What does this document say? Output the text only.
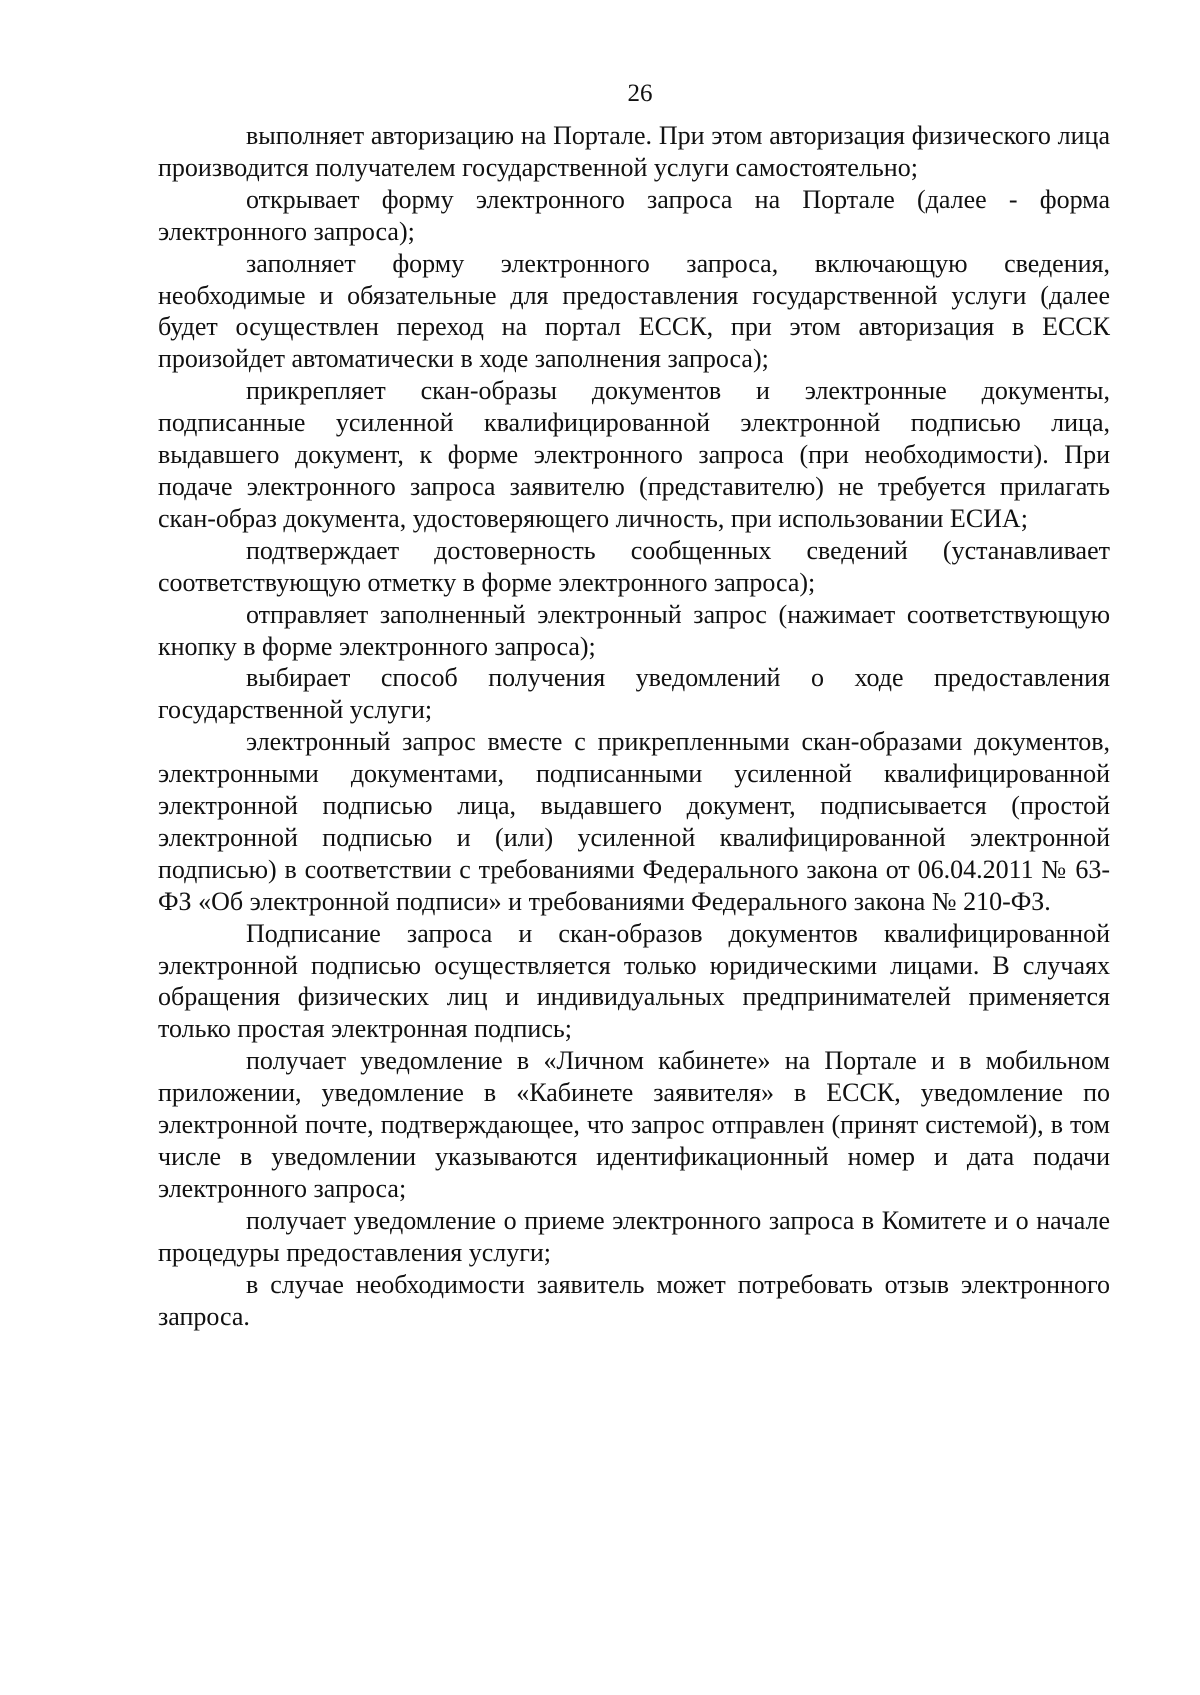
26

выполняет авторизацию на Портале. При этом авторизация физического лица производится получателем государственной услуги самостоятельно;

открывает форму электронного запроса на Портале (далее - форма электронного запроса);

заполняет форму электронного запроса, включающую сведения, необходимые и обязательные для предоставления государственной услуги (далее будет осуществлен переход на портал ЕССК, при этом авторизация в ЕССК произойдет автоматически в ходе заполнения запроса);

прикрепляет скан-образы документов и электронные документы, подписанные усиленной квалифицированной электронной подписью лица, выдавшего документ, к форме электронного запроса (при необходимости). При подаче электронного запроса заявителю (представителю) не требуется прилагать скан-образ документа, удостоверяющего личность, при использовании ЕСИА;

подтверждает достоверность сообщенных сведений (устанавливает соответствующую отметку в форме электронного запроса);

отправляет заполненный электронный запрос (нажимает соответствующую кнопку в форме электронного запроса);

выбирает способ получения уведомлений о ходе предоставления государственной услуги;

электронный запрос вместе с прикрепленными скан-образами документов, электронными документами, подписанными усиленной квалифицированной электронной подписью лица, выдавшего документ, подписывается (простой электронной подписью и (или) усиленной квалифицированной электронной подписью) в соответствии с требованиями Федерального закона от 06.04.2011 № 63-ФЗ «Об электронной подписи» и требованиями Федерального закона № 210-ФЗ.

Подписание запроса и скан-образов документов квалифицированной электронной подписью осуществляется только юридическими лицами. В случаях обращения физических лиц и индивидуальных предпринимателей применяется только простая электронная подпись;

получает уведомление в «Личном кабинете» на Портале и в мобильном приложении, уведомление в «Кабинете заявителя» в ЕССК, уведомление по электронной почте, подтверждающее, что запрос отправлен (принят системой), в том числе в уведомлении указываются идентификационный номер и дата подачи электронного запроса;

получает уведомление о приеме электронного запроса в Комитете и о начале процедуры предоставления услуги;

в случае необходимости заявитель может потребовать отзыв электронного запроса.
